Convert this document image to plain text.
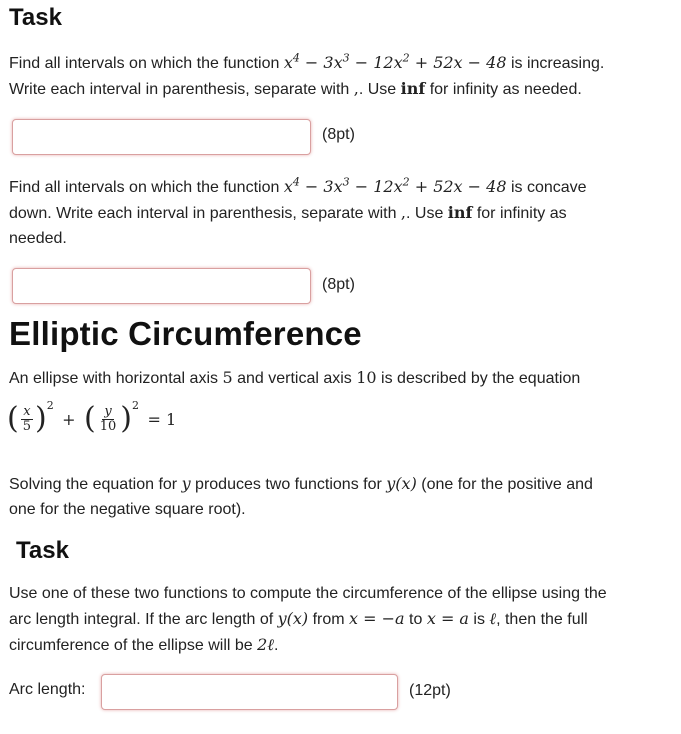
Task
Find all intervals on which the function $x^4 - 3x^3 - 12x^2 + 52x - 48$ is increasing.
Write each interval in parenthesis, separate with ,. Use inf for infinity as needed.
(8pt)
Find all intervals on which the function $x^4 - 3x^3 - 12x^2 + 52x - 48$ is concave
down. Write each interval in parenthesis, separate with ,. Use inf for infinity as
needed.
(8pt)
Elliptic Circumference
An ellipse with horizontal axis 5 and vertical axis 10 is described by the equation
( $\frac{x}{5} )^2$ + ( $\frac{y}{10} )^2 = 1$
Solving the equation for y produces two functions for y(x) (one for the positive and
one for the negative square root).
Task
Use one of these two functions to compute the circumference of the ellipse using the
arc length integral. If the arc length of y(x) from x = −a to x = a is ℓ, then the full
circumference of the ellipse will be 2ℓ.
Arc length:	(12pt)
